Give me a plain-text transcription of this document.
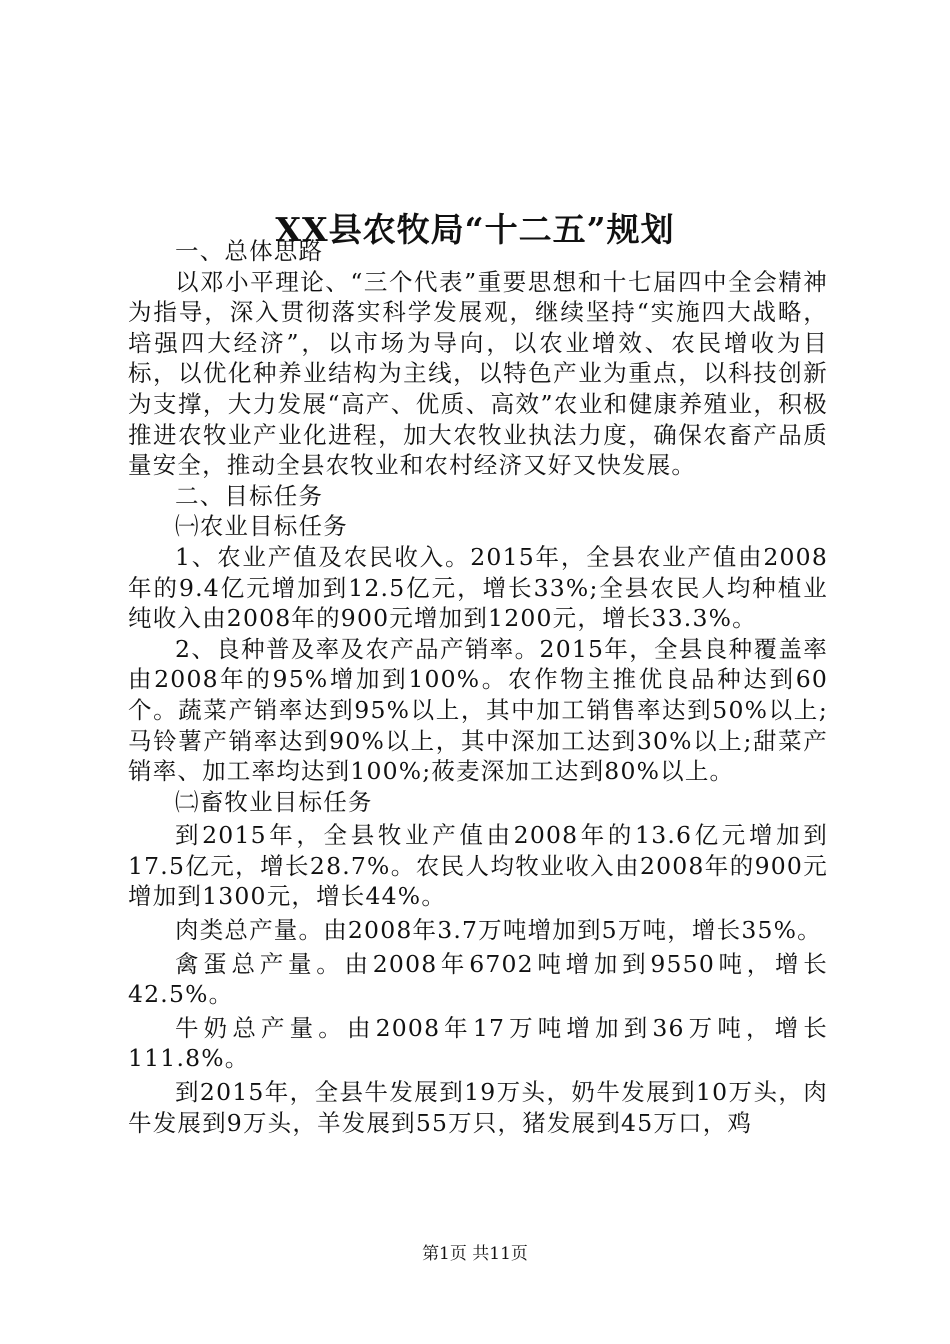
XX县农牧局“十二五”规划

一、总体思路

以邓小平理论、“三个代表”重要思想和十七届四中全会精神为指导，深入贯彻落实科学发展观，继续坚持“实施四大战略，培强四大经济”，以市场为导向，以农业增效、农民增收为目标，以优化种养业结构为主线，以特色产业为重点，以科技创新为支撑，大力发展“高产、优质、高效”农业和健康养殖业，积极推进农牧业产业化进程，加大农牧业执法力度，确保农畜产品质量安全，推动全县农牧业和农村经济又好又快发展。

二、目标任务

㈠农业目标任务

1、农业产值及农民收入。2015年，全县农业产值由2008年的9.4亿元增加到12.5亿元，增长33%;全县农民人均种植业纯收入由2008年的900元增加到1200元，增长33.3%。

2、良种普及率及农产品产销率。2015年，全县良种覆盖率由2008年的95%增加到100%。农作物主推优良品种达到60个。蔬菜产销率达到95%以上，其中加工销售率达到50%以上;马铃薯产销率达到90%以上，其中深加工达到30%以上;甜菜产销率、加工率均达到100%;莜麦深加工达到80%以上。

㈡畜牧业目标任务

到2015年，全县牧业产值由2008年的13.6亿元增加到17.5亿元，增长28.7%。农民人均牧业收入由2008年的900元增加到1300元，增长44%。

肉类总产量。由2008年3.7万吨增加到5万吨，增长35%。

禽蛋总产量。由2008年6702吨增加到9550吨，增长42.5%。

牛奶总产量。由2008年17万吨增加到36万吨，增长111.8%。

到2015年，全县牛发展到19万头，奶牛发展到10万头，肉牛发展到9万头，羊发展到55万只，猪发展到45万口，鸡

第1页 共11页
